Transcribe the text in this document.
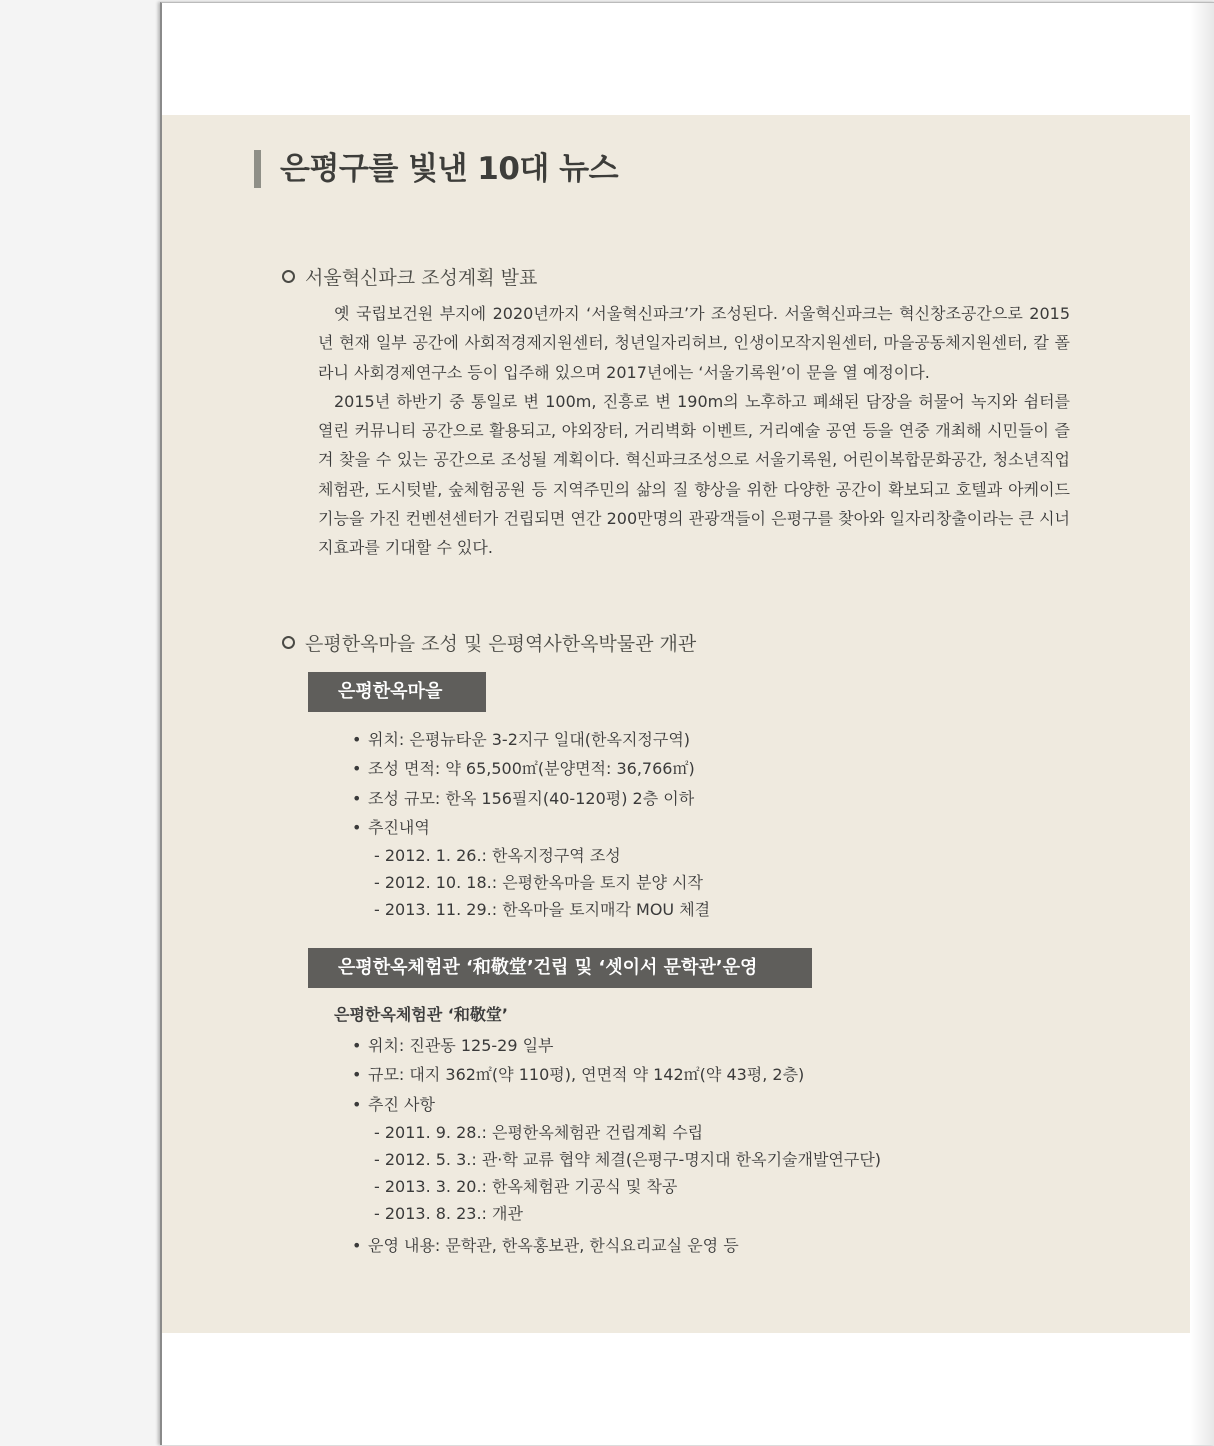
은평구를 빛낸 10대 뉴스
서울혁신파크 조성계획 발표

옛 국립보건원 부지에 2020년까지 ‘서울혁신파크’가 조성된다. 서울혁신파크는 혁신창조공간으로 2015년 현재 일부 공간에 사회적경제지원센터, 청년일자리허브, 인생이모작지원센터, 마을공동체지원센터, 칼 폴라니 사회경제연구소 등이 입주해 있으며 2017년에는 ‘서울기록원’이 문을 열 예정이다.

2015년 하반기 중 통일로 변 100m, 진흥로 변 190m의 노후하고 폐쇄된 담장을 허물어 녹지와 쉼터를 열린 커뮤니티 공간으로 활용되고, 야외장터, 거리벽화 이벤트, 거리예술 공연 등을 연중 개최해 시민들이 즐겨 찾을 수 있는 공간으로 조성될 계획이다. 혁신파크조성으로 서울기록원, 어린이복합문화공간, 청소년직업체험관, 도시텃밭, 숲체험공원 등 지역주민의 삶의 질 향상을 위한 다양한 공간이 확보되고 호텔과 아케이드 기능을 가진 컨벤션센터가 건립되면 연간 200만명의 관광객들이 은평구를 찾아와 일자리창출이라는 큰 시너지효과를 기대할 수 있다.

은평한옥마을 조성 및 은평역사한옥박물관 개관
은평한옥마을
• 위치: 은평뉴타운 3-2지구 일대(한옥지정구역)
• 조성 면적: 약 65,500㎡(분양면적: 36,766㎡)
• 조성 규모: 한옥 156필지(40-120평) 2층 이하
• 추진내역
- 2012. 1. 26.: 한옥지정구역 조성
- 2012. 10. 18.: 은평한옥마을 토지 분양 시작
- 2013. 11. 29.: 한옥마을 토지매각 MOU 체결
은평한옥체험관 ‘和敬堂’건립 및 ‘셋이서 문학관’운영
은평한옥체험관 ‘和敬堂’
• 위치: 진관동 125-29 일부
• 규모: 대지 362㎡(약 110평), 연면적 약 142㎡(약 43평, 2층)
• 추진 사항
- 2011. 9. 28.: 은평한옥체험관 건립계획 수립
- 2012. 5. 3.: 관·학 교류 협약 체결(은평구-명지대 한옥기술개발연구단)
- 2013. 3. 20.: 한옥체험관 기공식 및 착공
- 2013. 8. 23.: 개관
• 운영 내용: 문학관, 한옥홍보관, 한식요리교실 운영 등
